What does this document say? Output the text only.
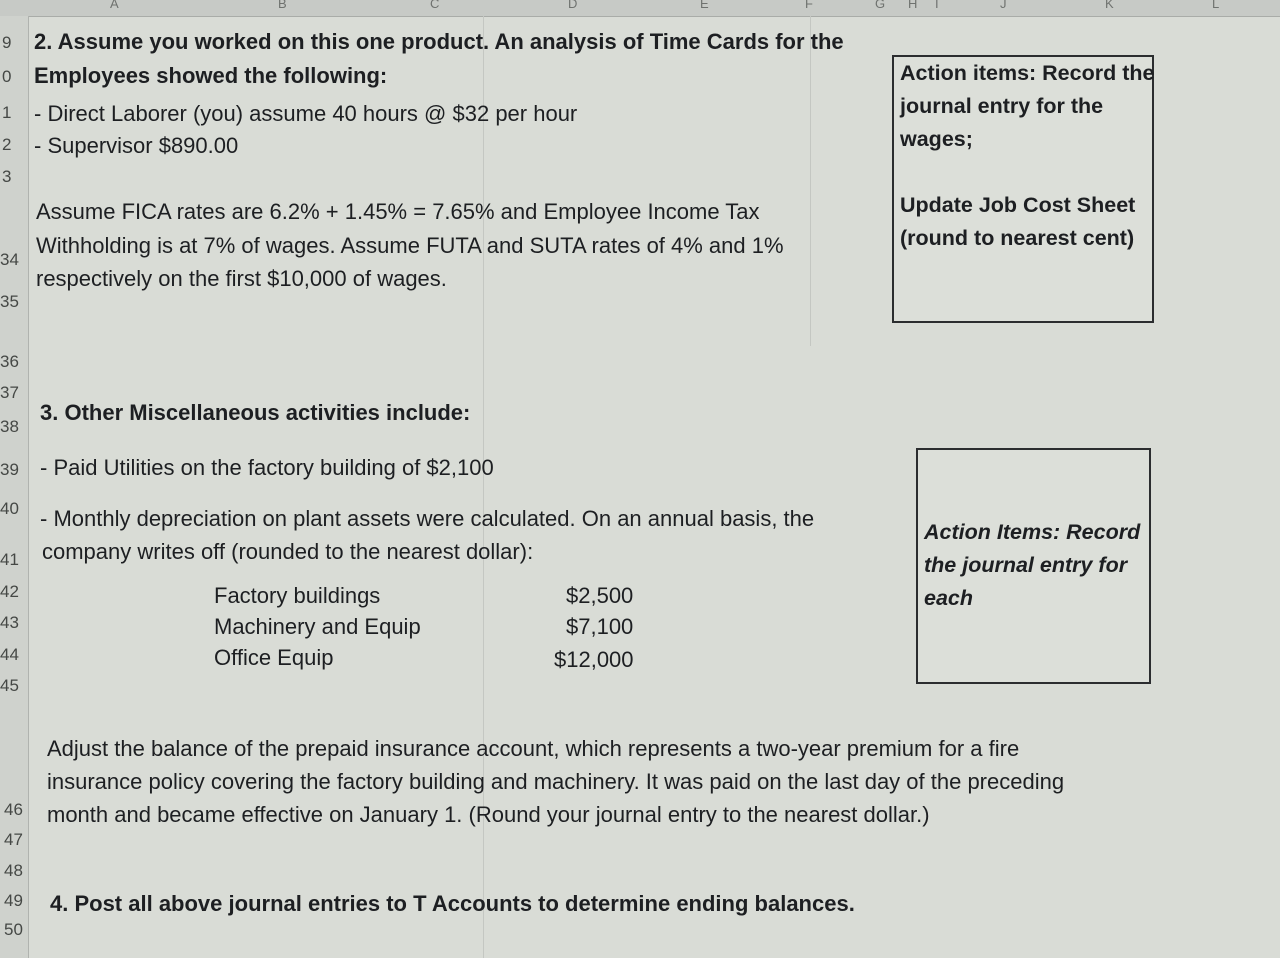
A	B	C	D	E	F	G H I	J	K	L
9
0
1
2
3
34
35
36
37
38
39
40
41
42
43
44
45
46
47
48
49
50
2. Assume you worked on this one product. An analysis of Time Cards for the
Employees showed the following:
- Direct Laborer (you) assume 40 hours @ $32 per hour
- Supervisor $890.00
Assume FICA rates are 6.2% + 1.45% = 7.65% and Employee Income Tax
Withholding is at 7% of wages. Assume FUTA and SUTA rates of 4% and 1%
respectively on the first $10,000 of wages.
Action items: Record the
journal entry for the
wages;
Update Job Cost Sheet
(round to nearest cent)
3. Other Miscellaneous activities include:
- Paid Utilities on the factory building of $2,100
- Monthly depreciation on plant assets were calculated. On an annual basis, the
company writes off (rounded to the nearest dollar):
Factory buildings	$2,500
Machinery and Equip	$7,100
Office Equip	$12,000
Action Items: Record
the journal entry for
each
Adjust the balance of the prepaid insurance account, which represents a two-year premium for a fire
insurance policy covering the factory building and machinery. It was paid on the last day of the preceding
month and became effective on January 1. (Round your journal entry to the nearest dollar.)
4. Post all above journal entries to T Accounts to determine ending balances.
